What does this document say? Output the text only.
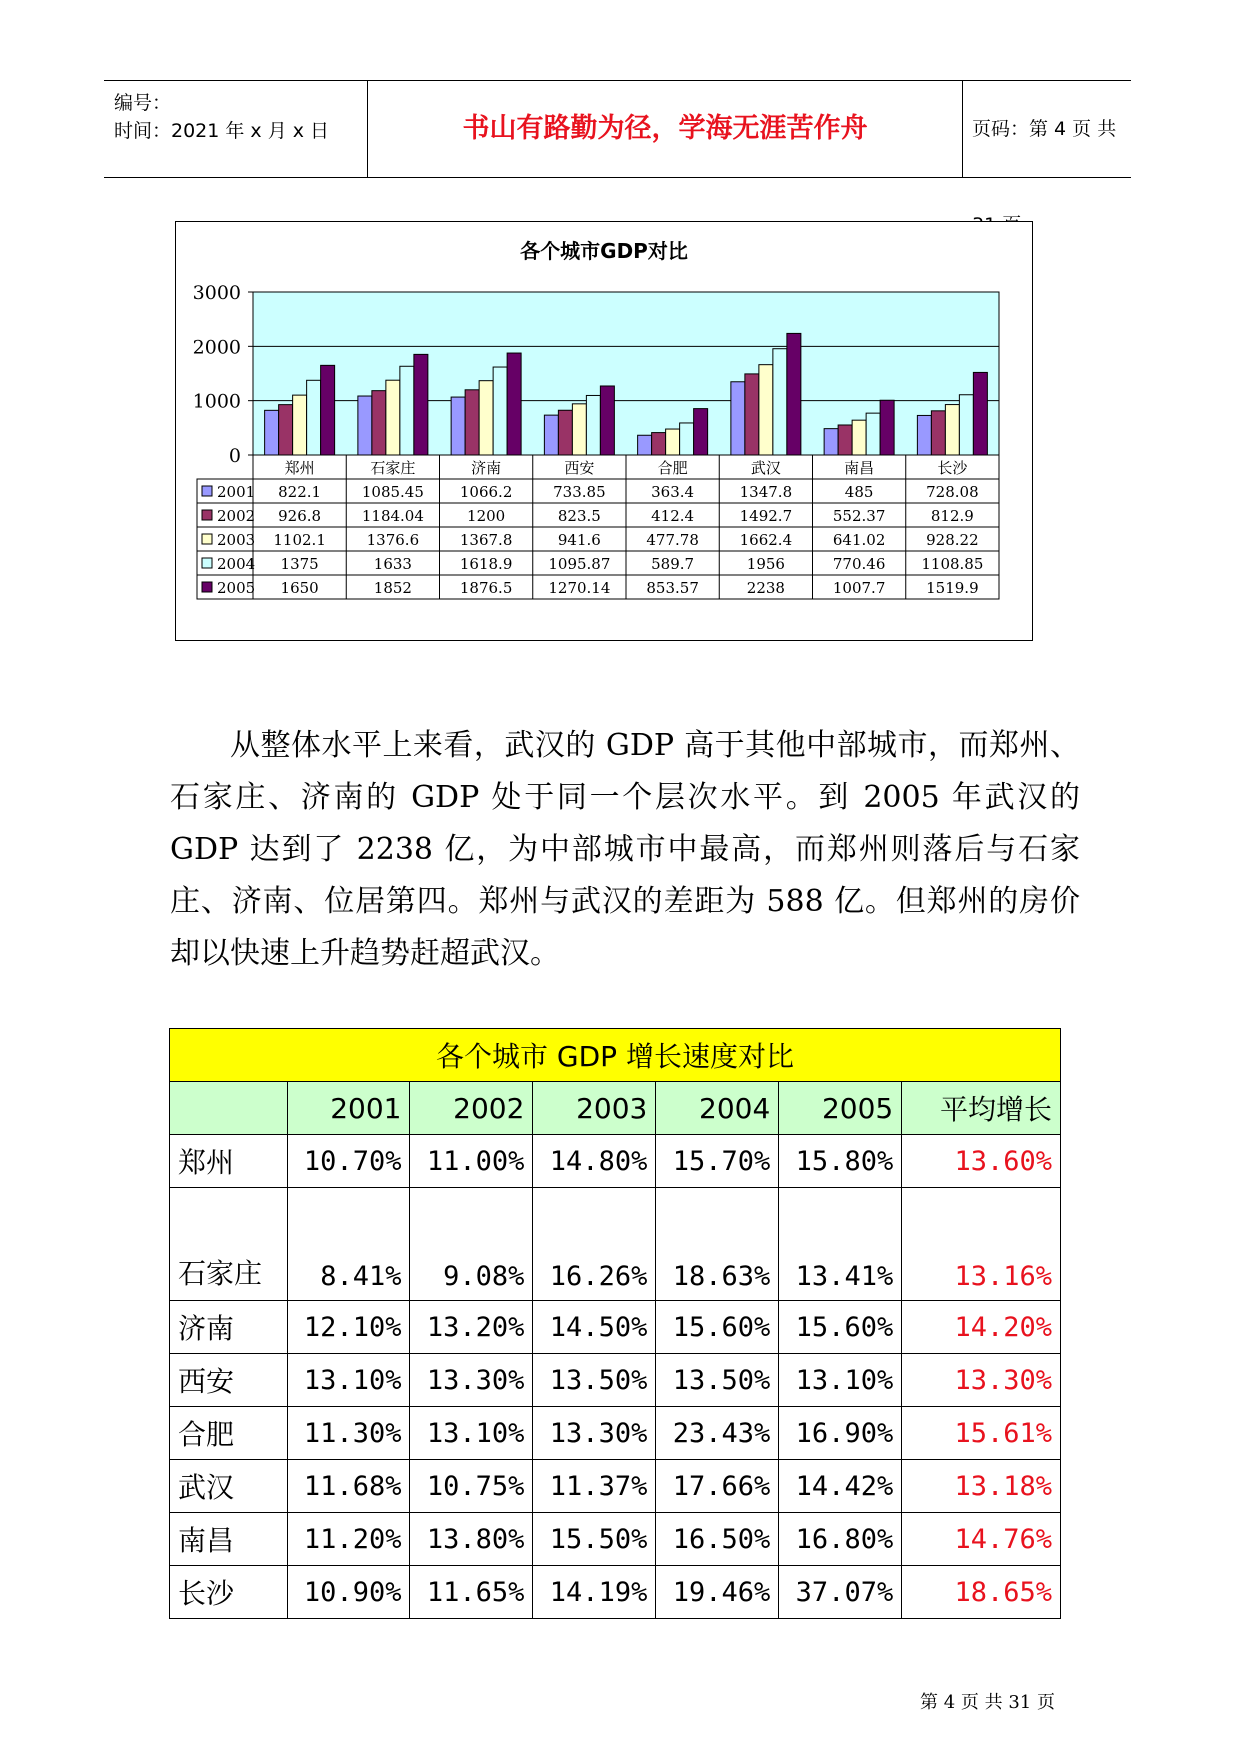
编号：
时间：2021 年 x 月 x 日	书山有路勤为径，学海无涯苦作舟	页码：第 4 页 共
各个城市GDP对比
0
1000
2000
3000
郑州	石家庄	济南	西安	合肥	武汉	南昌	长沙
2001 822.1	1085.45 1066.2	733.85	363.4	1347.8	485	728.08
2002 926.8	1184.04	1200	823.5	412.4	1492.7	552.37	812.9
2003 1102.1	1376.6	1367.8	941.6	477.78	1662.4	641.02	928.22
2004 1375	1633	1618.9 1095.87	589.7	1956	770.46 1108.85
2005 1650	1852	1876.5 1270.14 853.57	2238	1007.7	1519.9

从整体水平上来看，武汉的 GDP 高于其他中部城市，而郑州、石家庄、济南的 GDP 处于同一个层次水平。到 2005 年武汉的 GDP 达到了 2238 亿，为中部城市中最高，而郑州则落后与石家庄、济南、位居第四。郑州与武汉的差距为 588 亿。但郑州的房价却以快速上升趋势赶超武汉。

各个城市 GDP 增长速度对比						
	2001	2002	2003	2004	2005	平均增长
郑州	10.70%	11.00%	14.80%	15.70%	15.80%	13.60%
石家庄	8.41%	9.08%	16.26%	18.63%	13.41%	13.16%
济南	12.10%	13.20%	14.50%	15.60%	15.60%	14.20%
西安	13.10%	13.30%	13.50%	13.50%	13.10%	13.30%
合肥	11.30%	13.10%	13.30%	23.43%	16.90%	15.61%
武汉	11.68%	10.75%	11.37%	17.66%	14.42%	13.18%
南昌	11.20%	13.80%	15.50%	16.50%	16.80%	14.76%
长沙	10.90%	11.65%	14.19%	19.46%	37.07%	18.65%
第 4 页 共 31 页
